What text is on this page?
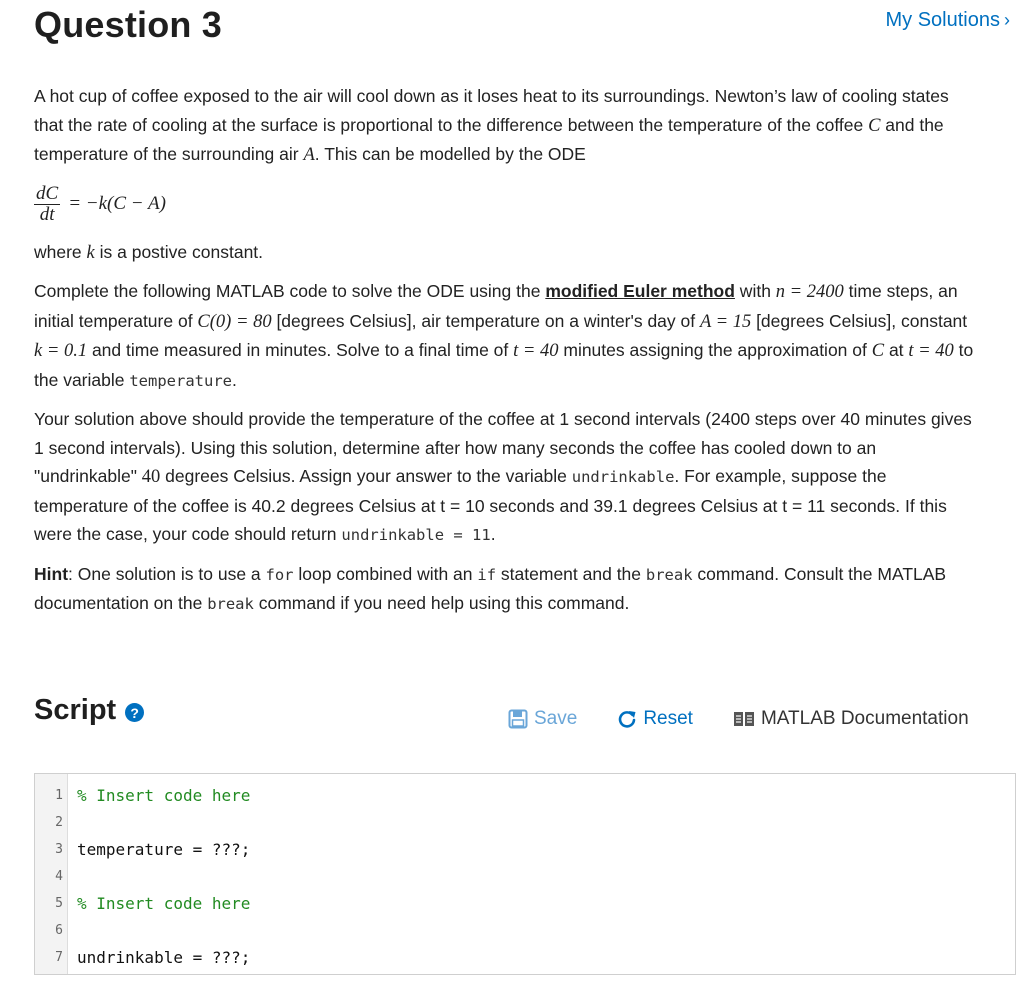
Question 3	My Solutions ›

A hot cup of coffee exposed to the air will cool down as it loses heat to its surroundings. Newton’s law of cooling states that the rate of cooling at the surface is proportional to the difference between the temperature of the coffee C and the temperature of the surrounding air A. This can be modelled by the ODE

$\frac{dC}{dt} = -k(C - A)$

where k is a postive constant.

Complete the following MATLAB code to solve the ODE using the modified Euler method with n = 2400 time steps, an initial temperature of C(0) = 80 [degrees Celsius], air temperature on a winter's day of A = 15 [degrees Celsius], constant k = 0.1 and time measured in minutes. Solve to a final time of t = 40 minutes assigning the approximation of C at t = 40 to the variable temperature.

Your solution above should provide the temperature of the coffee at 1 second intervals (2400 steps over 40 minutes gives 1 second intervals). Using this solution, determine after how many seconds the coffee has cooled down to an "undrinkable" 40 degrees Celsius. Assign your answer to the variable undrinkable. For example, suppose the temperature of the coffee is 40.2 degrees Celsius at t = 10 seconds and 39.1 degrees Celsius at t = 11 seconds. If this were the case, your code should return undrinkable = 11.

Hint: One solution is to use a for loop combined with an if statement and the break command. Consult the MATLAB documentation on the break command if you need help using this command.

Script	?	Save	Reset	MATLAB Documentation
1 % Insert code here
2
3 temperature = ???;
4
5 % Insert code here
6
7 undrinkable = ???;
